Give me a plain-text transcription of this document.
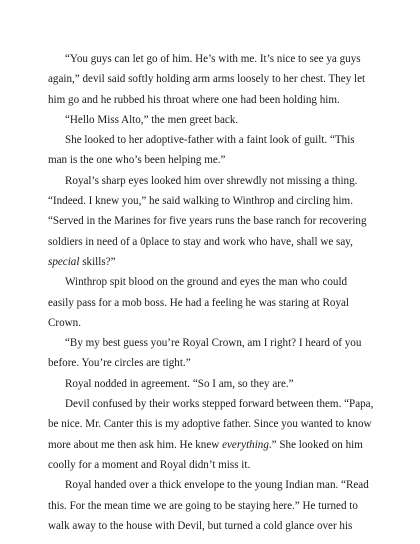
“You guys can let go of him. He’s with me. It’s nice to see ya guys again,” devil said softly holding arm arms loosely to her chest. They let him go and he rubbed his throat where one had been holding him.

“Hello Miss Alto,” the men greet back.

She looked to her adoptive-father with a faint look of guilt. “This man is the one who’s been helping me.”

Royal’s sharp eyes looked him over shrewdly not missing a thing. “Indeed. I knew you,” he said walking to Winthrop and circling him. “Served in the Marines for five years runs the base ranch for recovering soldiers in need of a 0place to stay and work who have, shall we say, special skills?”

Winthrop spit blood on the ground and eyes the man who could easily pass for a mob boss. He had a feeling he was staring at Royal Crown.

“By my best guess you’re Royal Crown, am I right? I heard of you before. You’re circles are tight.”

Royal nodded in agreement. “So I am, so they are.”

Devil confused by their works stepped forward between them. “Papa, be nice. Mr. Canter this is my adoptive father. Since you wanted to know more about me then ask him. He knew everything.” She looked on him coolly for a moment and Royal didn’t miss it.

Royal handed over a thick envelope to the young Indian man. “Read this. For the mean time we are going to be staying here.” He turned to walk away to the house with Devil, but turned a cold glance over his
